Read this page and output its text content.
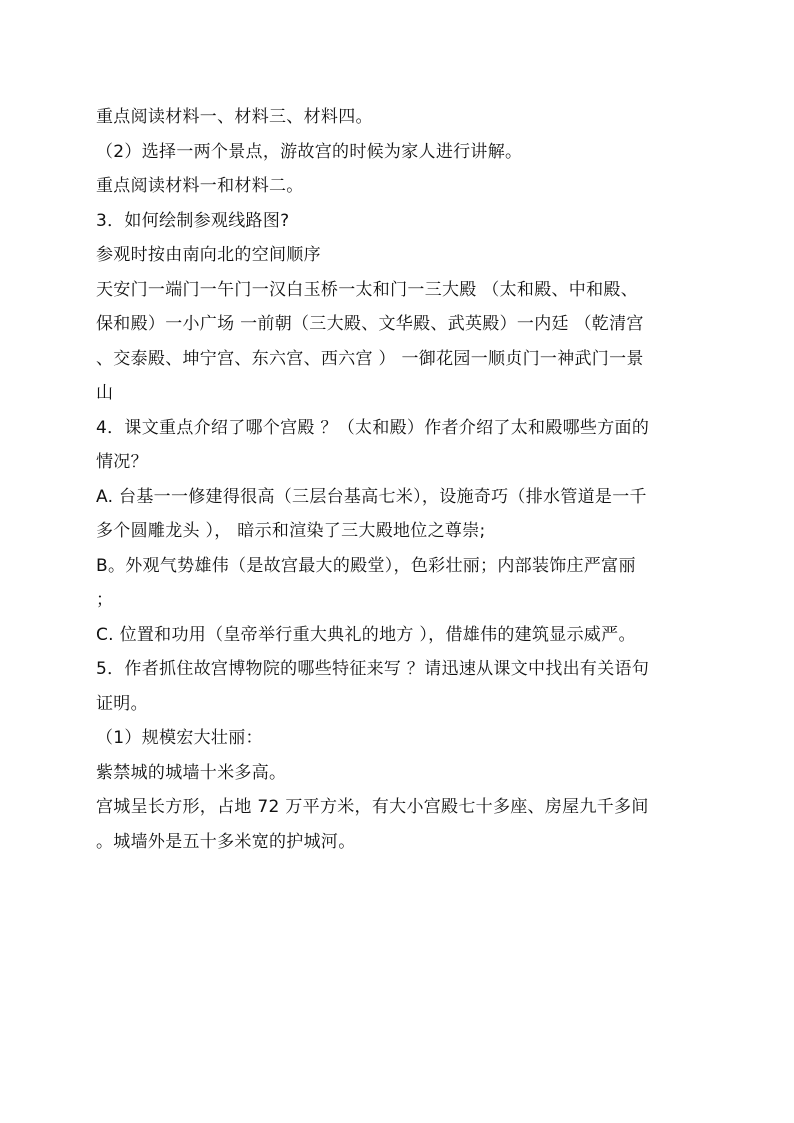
重点阅读材料一、材料三、材料四。
（2）选择一两个景点，游故宫的时候为家人进行讲解。
重点阅读材料一和材料二。
3．如何绘制参观线路图?
参观时按由南向北的空间顺序
天安门一端门一午门一汉白玉桥一太和门一三大殿 （太和殿、中和殿、
保和殿）一小广场 一前朝（三大殿、文华殿、武英殿）一内廷 （乾清宫
、交泰殿、坤宁宫、东六宫、西六宫 ） 一御花园一顺贞门一神武门一景
山
4．课文重点介绍了哪个宫殿 ？（太和殿）作者介绍了太和殿哪些方面的
情况？
A. 台基一一修建得很高（三层台基高七米），设施奇巧（排水管道是一千
多个圆雕龙头 ）， 暗示和渲染了三大殿地位之尊崇;
B。外观气势雄伟（是故宫最大的殿堂），色彩壮丽；内部装饰庄严富丽
；
C. 位置和功用（皇帝举行重大典礼的地方 ），借雄伟的建筑显示威严。
5．作者抓住故宫博物院的哪些特征来写 ？请迅速从课文中找出有关语句
证明。
（1）规模宏大壮丽：
紫禁城的城墙十米多高。
宫城呈长方形，占地 72 万平方米，有大小宫殿七十多座、房屋九千多间
。城墙外是五十多米宽的护城河。
